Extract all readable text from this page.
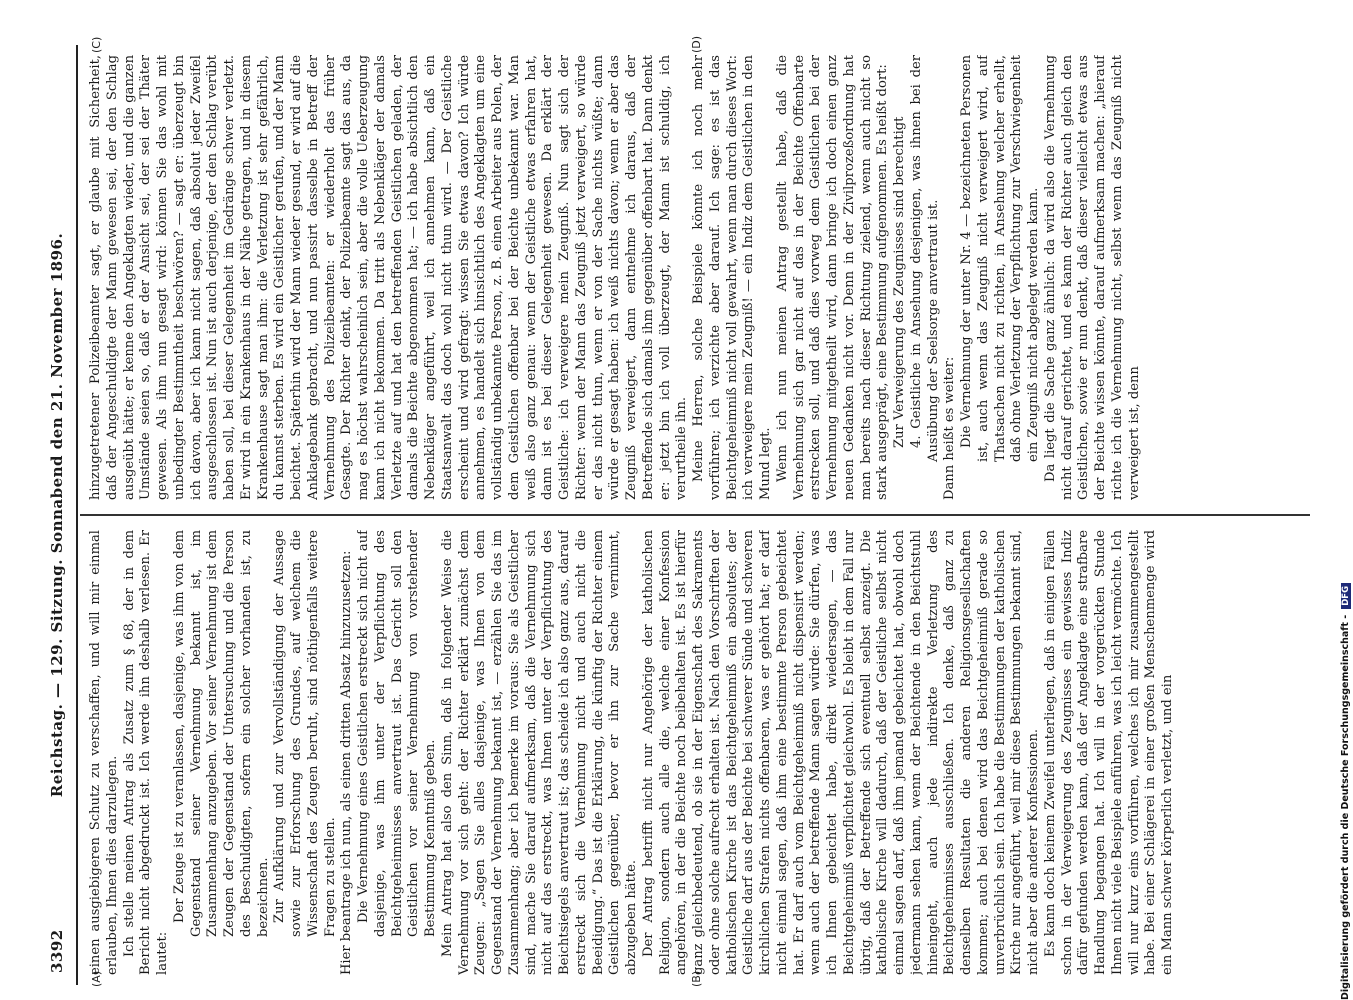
3392
Reichstag. — 129. Sitzung. Sonnabend den 21. November 1896.
(A)	(B)
(C)	(D)

einen ausgiebigeren Schutz zu verschaffen, und will mir einmal erlauben, Ihnen dies darzulegen. Ich stelle meinen Antrag als Zusatz zum § 68, der in dem Bericht nicht abgedruckt ist. Ich werde ihn deshalb verlesen. Er lautet:

Der Zeuge ist zu veranlassen, dasjenige, was ihm von dem Gegenstand seiner Vernehmung bekannt ist, im Zusammenhang anzugeben. Vor seiner Vernehmung ist dem Zeugen der Gegenstand der Untersuchung und die Person des Beschuldigten, sofern ein solcher vorhanden ist, zu bezeichnen. Zur Aufklärung und zur Vervollständigung der Aussage sowie zur Erforschung des Grundes, auf welchem die Wissenschaft des Zeugen beruht, sind nöthigenfalls weitere Fragen zu stellen. Hier beantrage ich nun, als einen dritten Absatz hinzuzusetzen: Die Vernehmung eines Geistlichen erstreckt sich nicht auf dasjenige, was ihm unter der Verpflichtung des Beichtgeheimnisses anvertraut ist. Das Gericht soll den Geistlichen vor seiner Vernehmung von vorstehender Bestimmung Kenntniß geben. Mein Antrag hat also den Sinn, daß in folgender Weise die Vernehmung vor sich geht: der Richter erklärt zunächst dem Zeugen: „Sagen Sie alles dasjenige, was Ihnen von dem Gegenstand der Vernehmung bekannt ist, — erzählen Sie das im Zusammenhang; aber ich bemerke im voraus: Sie als Geistlicher sind, mache Sie darauf aufmerksam, daß die Vernehmung sich nicht auf das erstreckt, was Ihnen unter der Verpflichtung des Beichtsiegels anvertraut ist; das scheide ich also ganz aus, darauf erstreckt sich die Vernehmung nicht und auch nicht die Beeidigung.“ Das ist die Erklärung, die künftig der Richter einem Geistlichen gegenüber, bevor er ihn zur Sache vernimmt, abzugeben hätte. Der Antrag betrifft nicht nur Angehörige der katholischen Religion, sondern auch alle die, welche einer Konfession angehören, in der die Beichte noch beibehalten ist. Es ist hierfür ganz gleichbedeutend, ob sie in der Eigenschaft des Sakraments oder ohne solche aufrecht erhalten ist. Nach den Vorschriften der katholischen Kirche ist das Beichtgeheimniß ein absolutes; der Geistliche darf aus der Beichte bei schwerer Sünde und schweren kirchlichen Strafen nichts offenbaren, was er gehört hat; er darf nicht einmal sagen, daß ihm eine bestimmte Person gebeichtet hat. Er darf auch vom Beichtgeheimniß nicht dispensirt werden; wenn auch der betreffende Mann sagen würde: Sie dürfen, was ich Ihnen gebeichtet habe, direkt wiedersagen, — das Beichtgeheimniß verpflichtet gleichwohl. Es bleibt in dem Fall nur übrig, daß der Betreffende sich eventuell selbst anzeigt. Die katholische Kirche will dadurch, daß der Geistliche selbst nicht einmal sagen darf, daß ihm jemand gebeichtet hat, obwohl doch jedermann sehen kann, wenn der Beichtende in den Beichtstuhl hineingeht, auch jede indirekte Verletzung des Beichtgeheimnisses ausschließen. Ich denke, daß ganz zu denselben Resultaten die anderen Religionsgesellschaften kommen; auch bei denen wird das Beichtgeheimniß gerade so unverbrüchlich sein. Ich habe die Bestimmungen der katholischen Kirche nur angeführt, weil mir diese Bestimmungen bekannt sind, nicht aber die anderer Konfessionen. Es kann doch keinem Zweifel unterliegen, daß in einigen Fällen schon in der Verweigerung des Zeugnisses ein gewisses Indiz dafür gefunden werden kann, daß der Angeklagte eine strafbare Handlung begangen hat. Ich will in der vorgerückten Stunde Ihnen nicht viele Beispiele anführen, was ich leicht vermöchte. Ich will nur kurz eins vorführen, welches ich mir zusammengestellt habe. Bei einer Schlägerei in einer großen Menschenmenge wird ein Mann schwer körperlich verletzt, und ein

hinzugetretener Polizeibeamter sagt, er glaube mit Sicherheit, daß der Angeschuldigte der Mann gewesen sei, der den Schlag ausgeübt hätte; er kenne den Angeklagten wieder, und die ganzen Umstände seien so, daß er der Ansicht sei, der sei der Thäter gewesen. Als ihm nun gesagt wird: können Sie das wohl mit unbedingter Bestimmtheit beschwören? — sagt er: überzeugt bin ich davon, aber ich kann nicht sagen, daß absolut jeder Zweifel ausgeschlossen ist. Nun ist auch derjenige, der den Schlag verübt haben soll, bei dieser Gelegenheit im Gedränge schwer verletzt. Er wird in ein Krankenhaus in der Nähe getragen, und in diesem Krankenhause sagt man ihm: die Verletzung ist sehr gefährlich, du kannst sterben. Es wird ein Geistlicher gerufen, und der Mann beichtet. Späterhin wird der Mann wieder gesund, er wird auf die Anklagebank gebracht, und nun passirt dasselbe in Betreff der Vernehmung des Polizeibeamten: er wiederholt das früher Gesagte. Der Richter denkt, der Polizeibeamte sagt das aus, da mag es höchst wahrscheinlich sein, aber die volle Ueberzeugung kann ich nicht bekommen. Da tritt als Nebenkläger der damals Verletzte auf und hat den betreffenden Geistlichen geladen, der damals die Beichte abgenommen hat; — ich habe absichtlich den Nebenkläger angeführt, weil ich annehmen kann, daß ein Staatsanwalt das doch wohl nicht thun wird. — Der Geistliche erscheint und wird gefragt: wissen Sie etwas davon? Ich würde annehmen, es handelt sich hinsichtlich des Angeklagten um eine vollständig unbekannte Person, z. B. einen Arbeiter aus Polen, der dem Geistlichen offenbar bei der Beichte unbekannt war. Man weiß also ganz genau: wenn der Geistliche etwas erfahren hat, dann ist es bei dieser Gelegenheit gewesen. Da erklärt der Geistliche: ich verweigere mein Zeugniß. Nun sagt sich der Richter: wenn der Mann das Zeugniß jetzt verweigert, so würde er das nicht thun, wenn er von der Sache nichts wüßte; dann würde er gesagt haben: ich weiß nichts davon; wenn er aber das Zeugniß verweigert, dann entnehme ich daraus, daß der Betreffende sich damals ihm gegenüber offenbart hat. Dann denkt er: jetzt bin ich voll überzeugt, der Mann ist schuldig, ich verurtheile ihn. Meine Herren, solche Beispiele könnte ich noch mehr vorführen; ich verzichte aber darauf. Ich sage: es ist das Beichtgeheimniß nicht voll gewahrt, wenn man durch dieses Wort: ich verweigere mein Zeugniß! — ein Indiz dem Geistlichen in den Mund legt. Wenn ich nun meinen Antrag gestellt habe, daß die Vernehmung sich gar nicht auf das in der Beichte Offenbarte erstrecken soll, und daß dies vorweg dem Geistlichen bei der Vernehmung mitgetheilt wird, dann bringe ich doch einen ganz neuen Gedanken nicht vor. Denn in der Zivilprozeßordnung hat man bereits nach dieser Richtung zielend, wenn auch nicht so stark ausgeprägt, eine Bestimmung aufgenommen. Es heißt dort: Zur Verweigerung des Zeugnisses sind berechtigt 4. Geistliche in Ansehung desjenigen, was ihnen bei der Ausübung der Seelsorge anvertraut ist. Dann heißt es weiter: Die Vernehmung der unter Nr. 4 — bezeichneten Personen ist, auch wenn das Zeugniß nicht verweigert wird, auf Thatsachen nicht zu richten, in Ansehung welcher erhellt, daß ohne Verletzung der Verpflichtung zur Verschwiegenheit ein Zeugniß nicht abgelegt werden kann. Da liegt die Sache ganz ähnlich: da wird also die Vernehmung nicht darauf gerichtet, und es kann der Richter auch gleich den Geistlichen, sowie er nun denkt, daß dieser vielleicht etwas aus der Beichte wissen könnte, darauf aufmerksam machen: „hierauf richte ich die Vernehmung nicht, selbst wenn das Zeugniß nicht verweigert ist, denn

Digitalisierung gefördert durch die Deutsche Forschungsgemeinschaft -DFG
